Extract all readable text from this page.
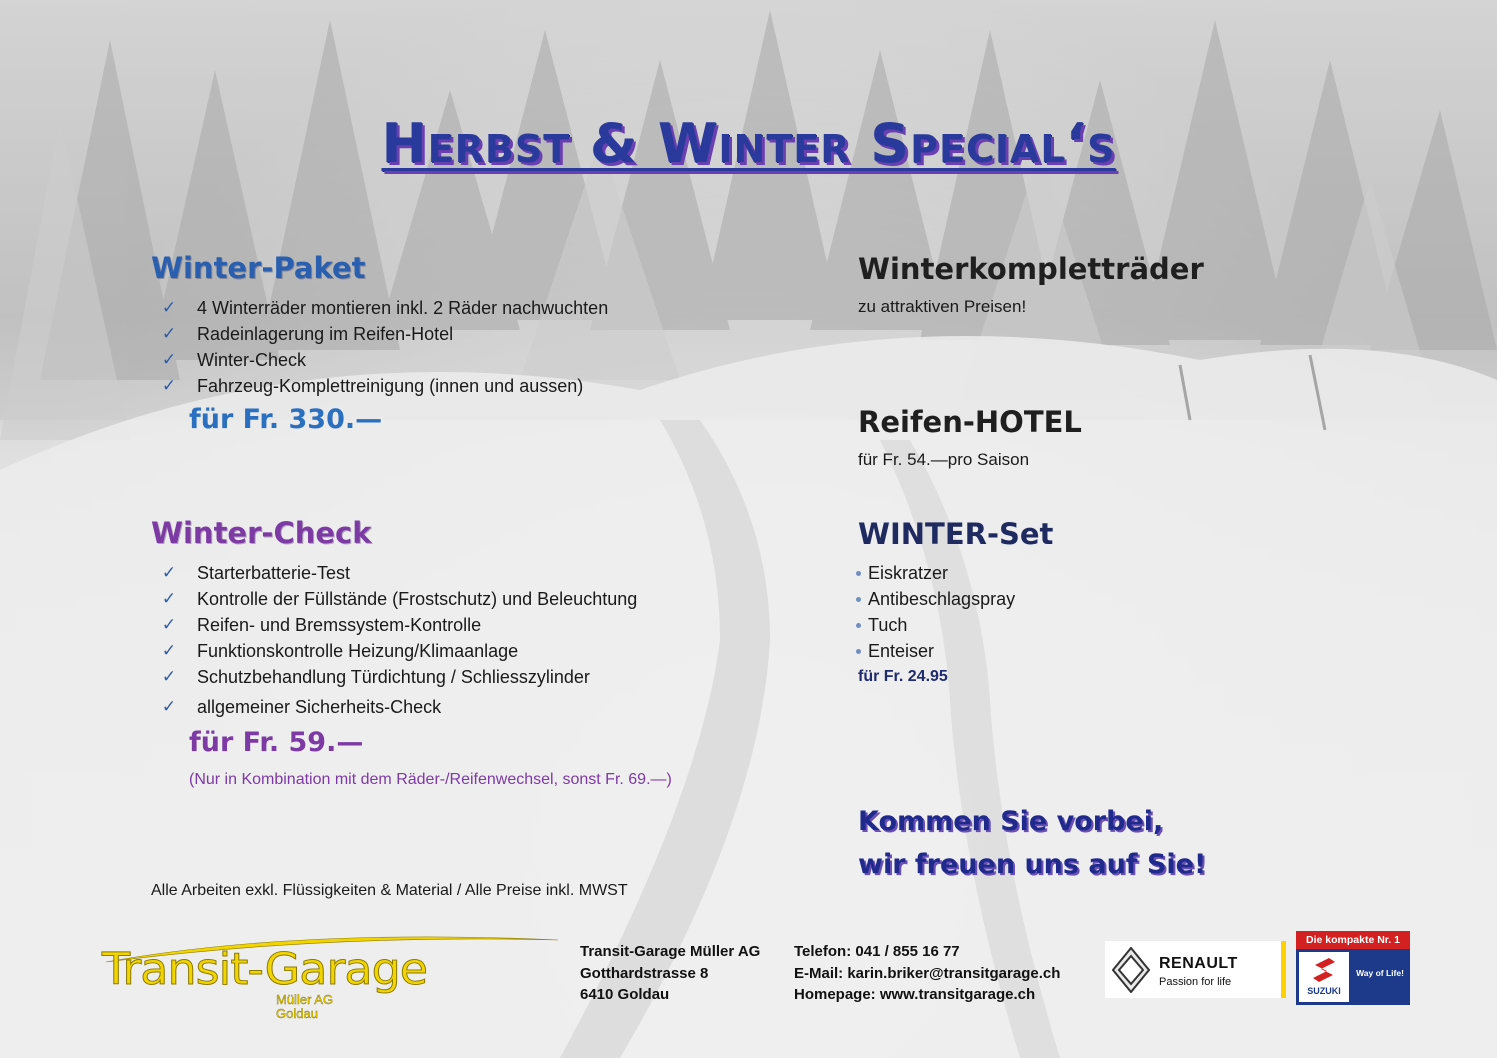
Herbst & Winter Special‘s
Winter-Paket
✓ 4 Winterräder montieren inkl. 2 Räder nachwuchten
✓ Radeinlagerung im Reifen-Hotel
✓ Winter-Check
✓ Fahrzeug-Komplettreinigung (innen und aussen)
für Fr. 330.—
Winter-Check
✓ Starterbatterie-Test
✓ Kontrolle der Füllstände (Frostschutz) und Beleuchtung
✓ Reifen- und Bremssystem-Kontrolle
✓ Funktionskontrolle Heizung/Klimaanlage
✓ Schutzbehandlung Türdichtung / Schliesszylinder
✓ allgemeiner Sicherheits-Check
für Fr. 59.—
(Nur in Kombination mit dem Räder-/Reifenwechsel, sonst Fr. 69.—)
Alle Arbeiten exkl. Flüssigkeiten & Material / Alle Preise inkl. MWST
Winterkompletträder
zu attraktiven Preisen!
Reifen-HOTEL
für Fr. 54.—pro Saison
WINTER-Set
Eiskratzer
Antibeschlagspray
Tuch
Enteiser
für Fr. 24.95
Kommen Sie vorbei,
wir freuen uns auf Sie!
Transit-Garage
Müller AG
Goldau
Transit-Garage Müller AG
Gotthardstrasse 8
6410 Goldau
Telefon: 041 / 855 16 77
E-Mail: karin.briker@transitgarage.ch
Homepage: www.transitgarage.ch
RENAULT
Passion for life
Die kompakte Nr. 1
SUZUKI
Way of Life!
